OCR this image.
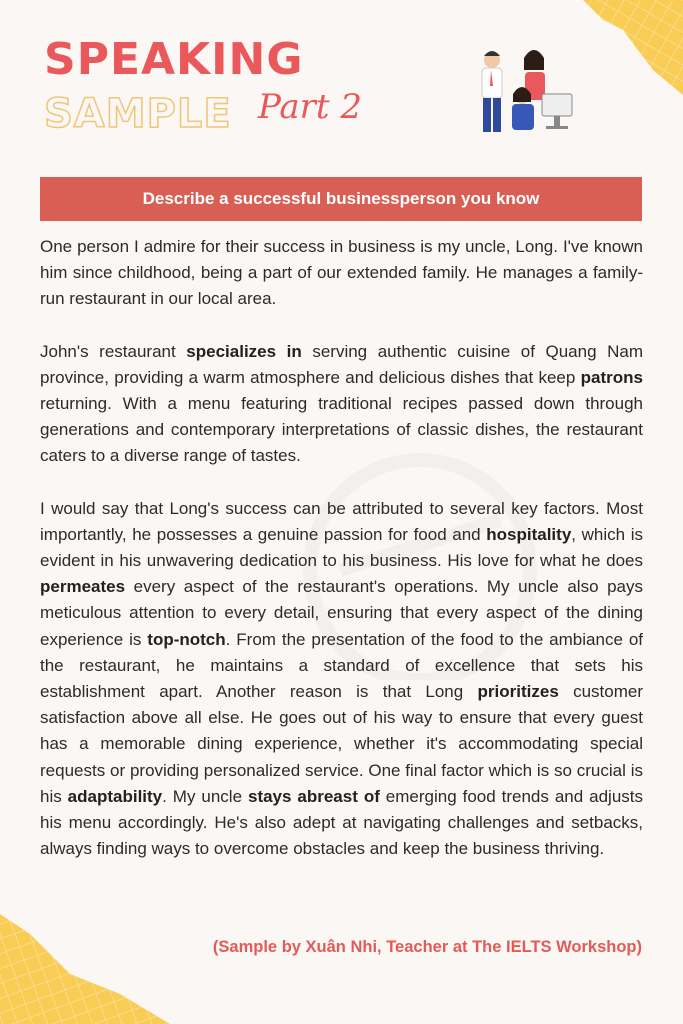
SPEAKING
SAMPLE Part 2
Describe a successful businessperson you know

One person I admire for their success in business is my uncle, Long. I've known him since childhood, being a part of our extended family. He manages a family-run restaurant in our local area.

John's restaurant specializes in serving authentic cuisine of Quang Nam province, providing a warm atmosphere and delicious dishes that keep patrons returning. With a menu featuring traditional recipes passed down through generations and contemporary interpretations of classic dishes, the restaurant caters to a diverse range of tastes.

I would say that Long's success can be attributed to several key factors. Most importantly, he possesses a genuine passion for food and hospitality, which is evident in his unwavering dedication to his business. His love for what he does permeates every aspect of the restaurant's operations. My uncle also pays meticulous attention to every detail, ensuring that every aspect of the dining experience is top-notch. From the presentation of the food to the ambiance of the restaurant, he maintains a standard of excellence that sets his establishment apart. Another reason is that Long prioritizes customer satisfaction above all else. He goes out of his way to ensure that every guest has a memorable dining experience, whether it's accommodating special requests or providing personalized service. One final factor which is so crucial is his adaptability. My uncle stays abreast of emerging food trends and adjusts his menu accordingly. He's also adept at navigating challenges and setbacks, always finding ways to overcome obstacles and keep the business thriving.

(Sample by Xuân Nhi, Teacher at The IELTS Workshop)
